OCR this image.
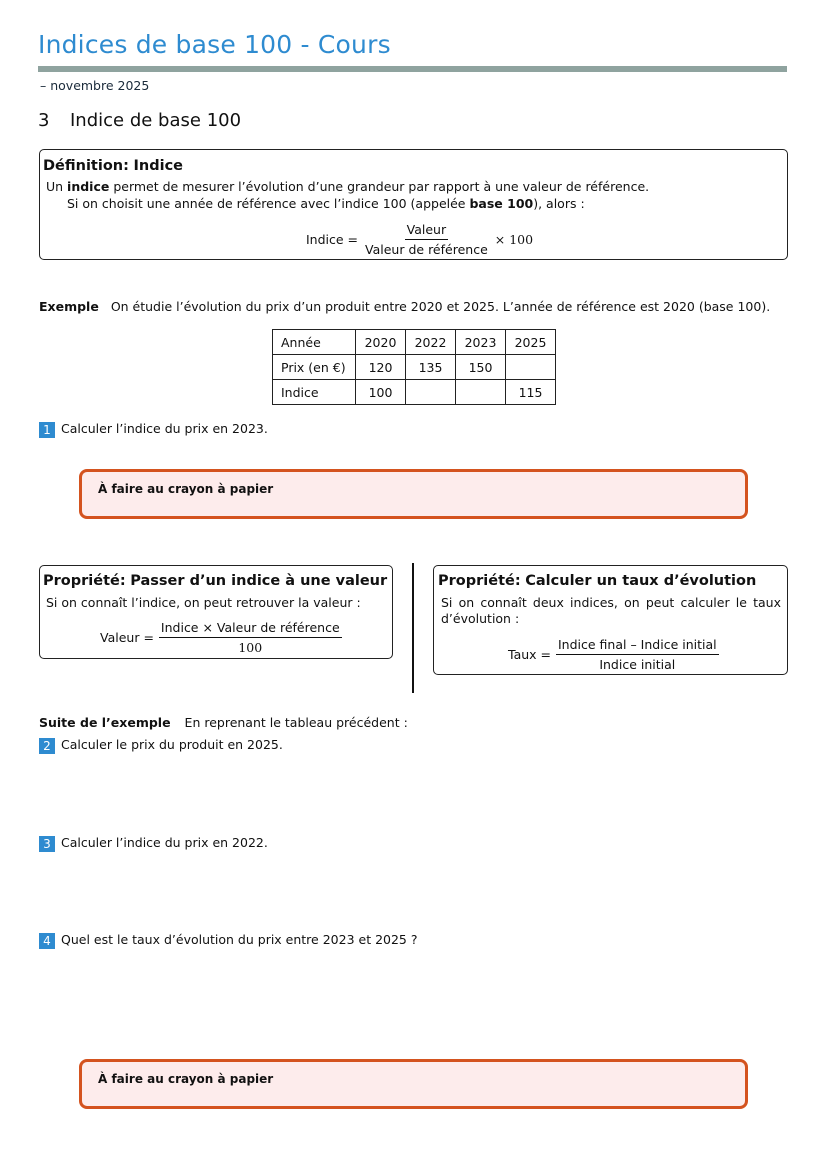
Indices de base 100 - Cours
– novembre 2025
3 Indice de base 100
Définition: Indice
Un indice permet de mesurer l’évolution d’une grandeur par rapport à une valeur de référence.
Si on choisit une année de référence avec l’indice 100 (appelée base 100), alors :
Indice = $\frac{\text{Valeur}}{\text{Valeur de référence}} \times 100$
Exemple On étudie l’évolution du prix d’un produit entre 2020 et 2025. L’année de référence est 2020 (base 100).
Année	2020	2022	2023	2025
Prix (en €)	120	135	150	
Indice	100			115
1 Calculer l’indice du prix en 2023.
À faire au crayon à papier
Propriété: Passer d’un indice à une valeur
Si on connaît l’indice, on peut retrouver la valeur :
Valeur = $\frac{\text{Indice × Valeur de référence}}{100}$
Propriété: Calculer un taux d’évolution
Si on connaît deux indices, on peut calculer le taux d’évolution :
Taux = $\frac{\text{Indice final – Indice initial}}{\text{Indice initial}}$
Suite de l’exemple En reprenant le tableau précédent :
2 Calculer le prix du produit en 2025.
3 Calculer l’indice du prix en 2022.
4 Quel est le taux d’évolution du prix entre 2023 et 2025 ?
À faire au crayon à papier
